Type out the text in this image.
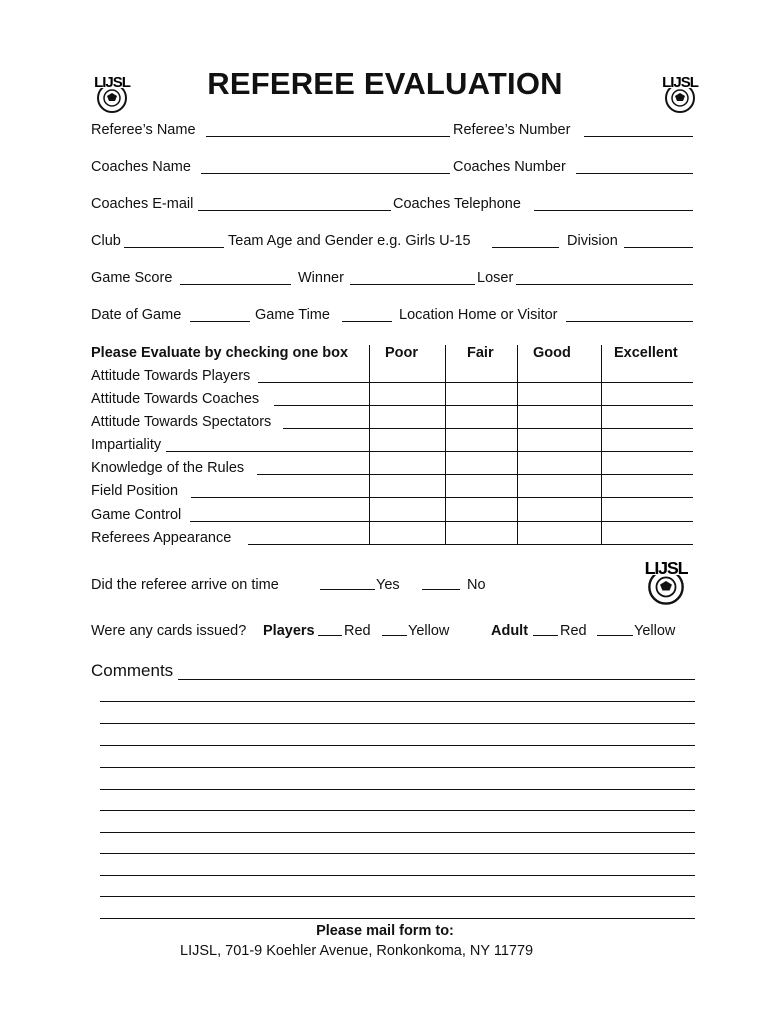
REFEREE EVALUATION
LIJSL	LIJSL
Referee’s Name	Referee’s Number
Coaches Name	Coaches Number
Coaches E-mail	Coaches Telephone
Club	Team Age and Gender e.g. Girls U-15	Division
Game Score	Winner	Loser
Date of Game	Game Time	Location Home or Visitor
Please Evaluate by checking one box	Poor	Fair	Good	Excellent
Attitude Towards Players
Attitude Towards Coaches
Attitude Towards Spectators
Impartiality
Knowledge of the Rules
Field Position
Game Control
Referees Appearance
LIJSL
Did the referee arrive on time	Yes	No
Were any cards issued? Players Red	Yellow	Adult Red	Yellow
Comments
Please mail form to:
LIJSL, 701-9 Koehler Avenue, Ronkonkoma, NY 11779
